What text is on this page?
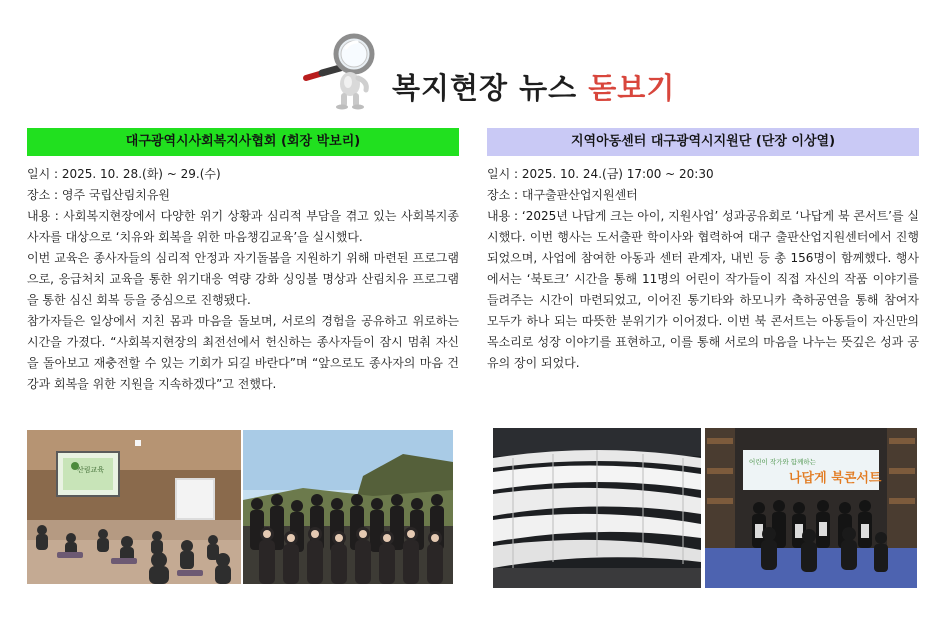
복지현장 뉴스 돋보기
대구광역시사회복지사협회 (회장 박보리)

일시 : 2025. 10. 28.(화) ~ 29.(수)

장소 : 영주 국립산림치유원

내용 : 사회복지현장에서 다양한 위기 상황과 심리적 부담을 겪고 있는 사회복지종사자를 대상으로 ‘치유와 회복을 위한 마음챙김교육’을 실시했다.

이번 교육은 종사자들의 심리적 안정과 자기돌봄을 지원하기 위해 마련된 프로그램으로, 응급처치 교육을 통한 위기대응 역량 강화 싱잉볼 명상과 산림치유 프로그램을 통한 심신 회복 등을 중심으로 진행됐다.

참가자들은 일상에서 지친 몸과 마음을 돌보며, 서로의 경험을 공유하고 위로하는 시간을 가졌다. “사회복지현장의 최전선에서 헌신하는 종사자들이 잠시 멈춰 자신을 돌아보고 재충전할 수 있는 기회가 되길 바란다”며 “앞으로도 종사자의 마음 건강과 회복을 위한 지원을 지속하겠다”고 전했다.

지역아동센터 대구광역시지원단 (단장 이상열)

일시 : 2025. 10. 24.(금) 17:00 ~ 20:30

장소 : 대구출판산업지원센터

내용 : ‘2025년 나답게 크는 아이, 지원사업’ 성과공유회로 ‘나답게 북 콘서트’를 실시했다. 이번 행사는 도서출판 학이사와 협력하여 대구 출판산업지원센터에서 진행되었으며, 사업에 참여한 아동과 센터 관계자, 내빈 등 총 156명이 함께했다. 행사에서는 ‘북토크’ 시간을 통해 11명의 어린이 작가들이 직접 자신의 작품 이야기를 들려주는 시간이 마련되었고, 이어진 통기타와 하모니카 축하공연을 통해 참여자 모두가 하나 되는 따뜻한 분위기가 이어졌다. 이번 북 콘서트는 아동들이 자신만의 목소리로 성장 이야기를 표현하고, 이를 통해 서로의 마음을 나누는 뜻깊은 성과 공유의 장이 되었다.

산림교육
어린이 작가와 함께하는
나답게 북콘서트
